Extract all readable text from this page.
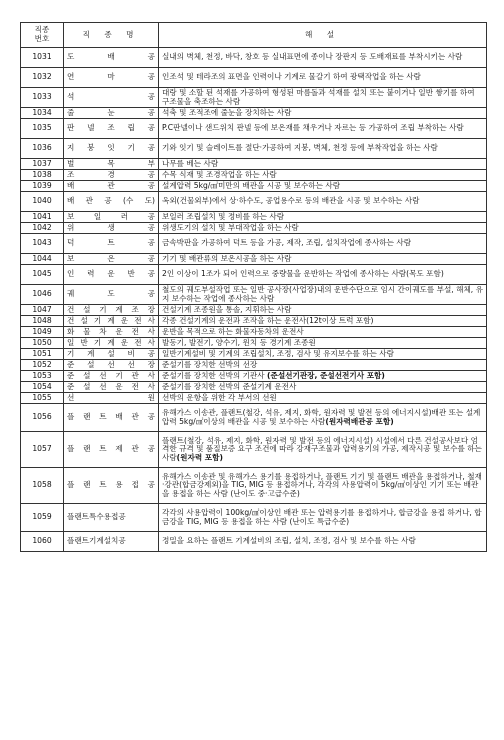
직종
번호	직 종 명	해 설
1031	도 배 공	실내의 벽체, 천정, 바닥, 창호 등 실내표면에 종이나 장판지 등 도배재료를 부착시키는 사람
1032	연 마 공	인조석 및 테라조의 표면을 인력이나 기계로 물갈기 하여 광택작업을 하는 사람
1033	석 공	대랑 및 소할 된 석재를 가공하여 형성된 마름돌과 석재를 설치 또는 붙이거나 일반 쌓기를 하여 구조물을 축조하는 사람
1034	줄 눈 공	석축 및 조적조에 줄눈을 장치하는 사람
1035	판 넬 조 립 공	P.C판넬이나 샌드위치 판넬 등에 보온재를 채우거나 자르는 등 가공하여 조립 부착하는 사람
1036	지 붕 잇 기 공	기와 잇기 및 슬레이트를 절단·가공하여 지붕, 벽체, 천정 등에 부착작업을 하는 사람
1037	벌 목 부	나무를 베는 사람
1038	조 경 공	수목 식재 및 조경작업을 하는 사람
1039	배 관 공	설계압력 5kg/㎠미만의 배관을 시공 및 보수하는 사람
1040	배 관 공 (수 도)	옥외(건물외부)에서 상·하수도, 공업용수로 등의 배관을 시공 및 보수하는 사람
1041	보 일 러 공	보일러 조립설치 및 정비를 하는 사람
1042	위 생 공	위생도기의 설치 및 부대작업을 하는 사람
1043	덕 트 공	금속박판을 가공하여 덕트 등을 가공, 제작, 조립, 설치작업에 종사하는 사람
1044	보 온 공	기기 및 배관류의 보온시공을 하는 사람
1045	인 력 운 반 공	2인 이상이 1조가 되어 인력으로 중량물을 운반하는 작업에 종사하는 사람(목도 포함)
1046	궤 도 공	철도의 궤도부설작업 또는 일반 공사장(사업장)내의 운반수단으로 임시 간이궤도를 부설, 해체, 유지 보수하는 작업에 종사하는 사람
1047	건 설 기 계 조 장	건설기계 조종원을 통솔, 지휘하는 사람
1048	건 설 기 계 운 전 사	각종 건설기계의 운전과 조작을 하는 운전사(12t이상 트럭 포함)
1049	화 물 차 운 전 사	운반을 목적으로 하는 화물자동차의 운전사
1050	일 반 기 계 운 전 사	발동기, 발전기, 양수기, 윈치 등 경기계 조종원
1051	기 계 설 비 공	일반기계설비 및 기계의 조립설치, 조정, 검사 및 유지보수를 하는 사람
1052	준 설 선 선 장	준설기를 장치한 선박의 선장
1053	준 설 선 기 관 사	준설기를 장치한 선박의 기관사 (준설선기관장, 준설선전기사 포함)
1054	준 설 선 운 전 사	준설기를 장치한 선박의 준설기계 운전사
1055	선 원	선박의 운항을 위한 각 부서의 선원
1056	플 랜 트 배 관 공	유해가스 이송관, 플랜트(철강, 석유, 제지, 화학, 원자력 및 발전 등의 에너지시설)배관 또는 설계압력 5kg/㎠이상의 배관을 시공 및 보수하는 사람(원자력배관공 포함)
1057	플 랜 트 제 관 공	플랜트(철강, 석유, 제지, 화학, 원자력 및 발전 등의 에너지시설) 시설에서 다른 건설공사보다 엄격한 규격 및 품질보증 요구 조건에 따라 강재구조물과 압력용기의 가공, 제작시공 및 보수를 하는 사람(원자력 포함)
1058	플 랜 트 용 접 공	유해가스 이송관 및 유해가스 용기를 용접하거나, 플랜트 기기 및 플랜트 배관을 용접하거나, 철재·강관(합금강제외)을 TIG, MIG 등 용접하거나, 각각의 사용압력이 5kg/㎠이상인 기기 또는 배관을 용접을 하는 사람 (난이도 중·고급수준)
1059	플랜트특수용접공	각각의 사용압력이 100kg/㎠이상인 배관 또는 압력용기를 용접하거나, 합금강을 용접 하거나, 합금강을 TIG, MIG 등 용접을 하는 사람 (난이도 특급수준)
1060	플랜트기계설치공	정밀을 요하는 플랜트 기계설비의 조립, 설치, 조정, 검사 및 보수를 하는 사람
